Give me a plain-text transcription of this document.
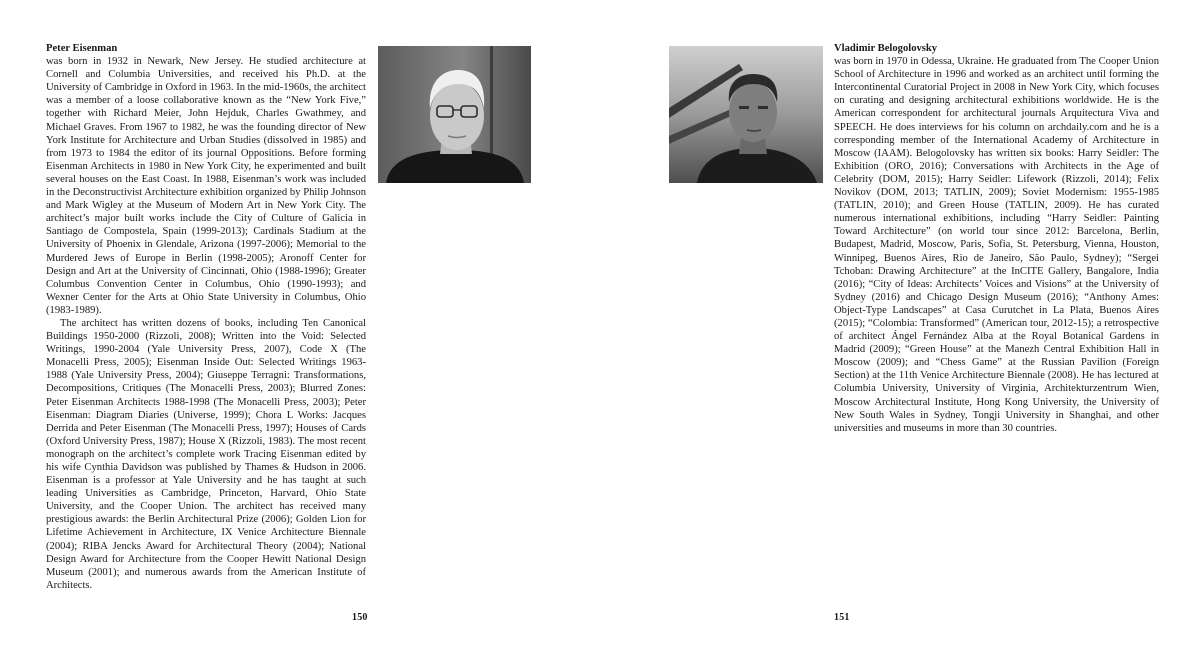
Peter Eisenman

was born in 1932 in Newark, New Jersey. He studied architecture at Cornell and Columbia Universities, and received his Ph.D. at the University of Cambridge in Oxford in 1963. In the mid-1960s, the architect was a member of a loose collaborative known as the “New York Five,” together with Richard Meier, John Hejduk, Charles Gwathmey, and Michael Graves. From 1967 to 1982, he was the founding director of New York Institute for Architecture and Urban Studies (dissolved in 1985) and from 1973 to 1984 the editor of its journal Oppositions. Before forming Eisenman Architects in 1980 in New York City, he experimented and built several houses on the East Coast. In 1988, Eisenman’s work was included in the Deconstructivist Architecture exhibition organized by Philip Johnson and Mark Wigley at the Museum of Modern Art in New York City. The architect’s major built works include the City of Culture of Galicia in Santiago de Compostela, Spain (1999-2013); Cardinals Stadium at the University of Phoenix in Glendale, Arizona (1997-2006); Memorial to the Murdered Jews of Europe in Berlin (1998-2005); Aronoff Center for Design and Art at the University of Cincinnati, Ohio (1988-1996); Greater Columbus Convention Center in Columbus, Ohio (1990-1993); and Wexner Center for the Arts at Ohio State University in Columbus, Ohio (1983-1989).

The architect has written dozens of books, including Ten Canonical Buildings 1950-2000 (Rizzoli, 2008); Written into the Void: Selected Writings, 1990-2004 (Yale University Press, 2007), Code X (The Monacelli Press, 2005); Eisenman Inside Out: Selected Writings 1963-1988 (Yale University Press, 2004); Giuseppe Terragni: Transformations, Decompositions, Critiques (The Monacelli Press, 2003); Blurred Zones: Peter Eisenman Architects 1988-1998 (The Monacelli Press, 2003); Peter Eisenman: Diagram Diaries (Universe, 1999); Chora L Works: Jacques Derrida and Peter Eisenman (The Monacelli Press, 1997); Houses of Cards (Oxford University Press, 1987); House X (Rizzoli, 1983). The most recent monograph on the architect’s complete work Tracing Eisenman edited by his wife Cynthia Davidson was published by Thames & Hudson in 2006. Eisenman is a professor at Yale University and he has taught at such leading Universities as Cambridge, Princeton, Harvard, Ohio State University, and the Cooper Union. The architect has received many prestigious awards: the Berlin Architectural Prize (2006); Golden Lion for Lifetime Achievement in Architecture, IX Venice Architecture Biennale (2004); RIBA Jencks Award for Architectural Theory (2004); National Design Award for Architecture from the Cooper Hewitt National Design Museum (2001); and numerous awards from the American Institute of Architects.

150
Vladimir Belogolovsky

was born in 1970 in Odessa, Ukraine. He graduated from The Cooper Union School of Architecture in 1996 and worked as an architect until forming the Intercontinental Curatorial Project in 2008 in New York City, which focuses on curating and designing architectural exhibitions worldwide. He is the American correspondent for architectural journals Arquitectura Viva and SPEECH. He does interviews for his column on archdaily.com and he is a corresponding member of the International Academy of Architecture in Moscow (IAAM). Belogolovsky has written six books: Harry Seidler: The Exhibition (ORO, 2016); Conversations with Architects in the Age of Celebrity (DOM, 2015); Harry Seidler: Lifework (Rizzoli, 2014); Felix Novikov (DOM, 2013; TATLIN, 2009); Soviet Modernism: 1955-1985 (TATLIN, 2010); and Green House (TATLIN, 2009). He has curated numerous international exhibitions, including “Harry Seidler: Painting Toward Architecture” (on world tour since 2012: Barcelona, Berlin, Budapest, Madrid, Moscow, Paris, Sofia, St. Petersburg, Vienna, Houston, Winnipeg, Buenos Aires, Rio de Janeiro, São Paulo, Sydney); “Sergei Tchoban: Drawing Architecture” at the InCITE Gallery, Bangalore, India (2016); “City of Ideas: Architects’ Voices and Visions” at the University of Sydney (2016) and Chicago Design Museum (2016); “Anthony Ames: Object-Type Landscapes” at Casa Curutchet in La Plata, Buenos Aires (2015); “Colombia: Transformed” (American tour, 2012-15); a retrospective of architect Ángel Fernández Alba at the Royal Botanical Gardens in Madrid (2009); “Green House” at the Manezh Central Exhibition Hall in Moscow (2009); and “Chess Game” at the Russian Pavilion (Foreign Section) at the 11th Venice Architecture Biennale (2008). He has lectured at Columbia University, University of Virginia, Architekturzentrum Wien, Moscow Architectural Institute, Hong Kong University, the University of New South Wales in Sydney, Tongji University in Shanghai, and other universities and museums in more than 30 countries.

151
